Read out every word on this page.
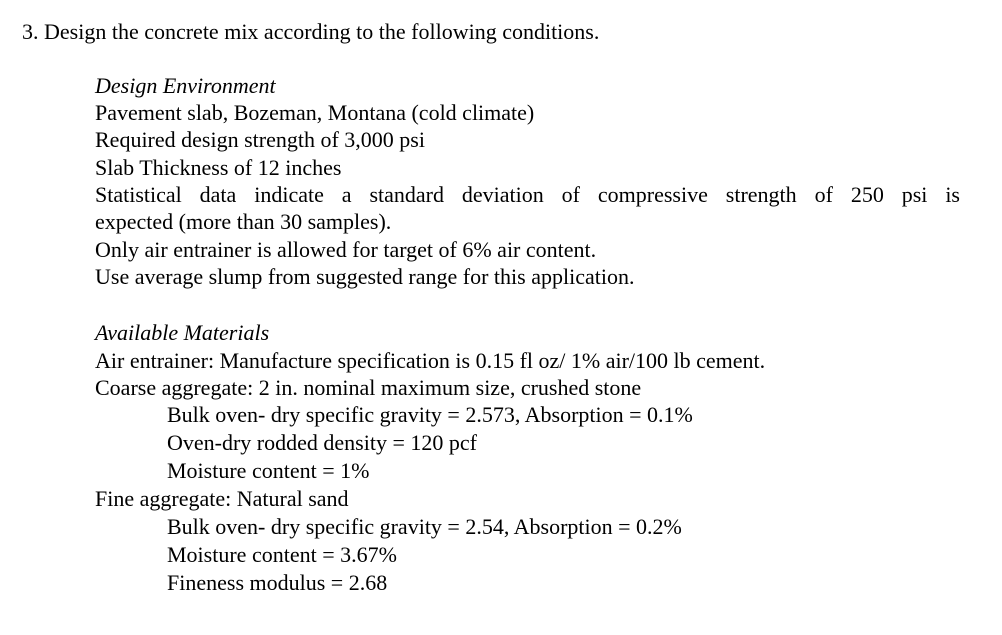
3. Design the concrete mix according to the following conditions.
Design Environment
Pavement slab, Bozeman, Montana (cold climate)
Required design strength of 3,000 psi
Slab Thickness of 12 inches
Statistical data indicate a standard deviation of compressive strength of 250 psi is
expected (more than 30 samples).
Only air entrainer is allowed for target of 6% air content.
Use average slump from suggested range for this application.
Available Materials
Air entrainer: Manufacture specification is 0.15 fl oz/ 1% air/100 lb cement.
Coarse aggregate: 2 in. nominal maximum size, crushed stone
Bulk oven- dry specific gravity = 2.573, Absorption = 0.1%
Oven-dry rodded density = 120 pcf
Moisture content = 1%
Fine aggregate: Natural sand
Bulk oven- dry specific gravity = 2.54, Absorption = 0.2%
Moisture content = 3.67%
Fineness modulus = 2.68
